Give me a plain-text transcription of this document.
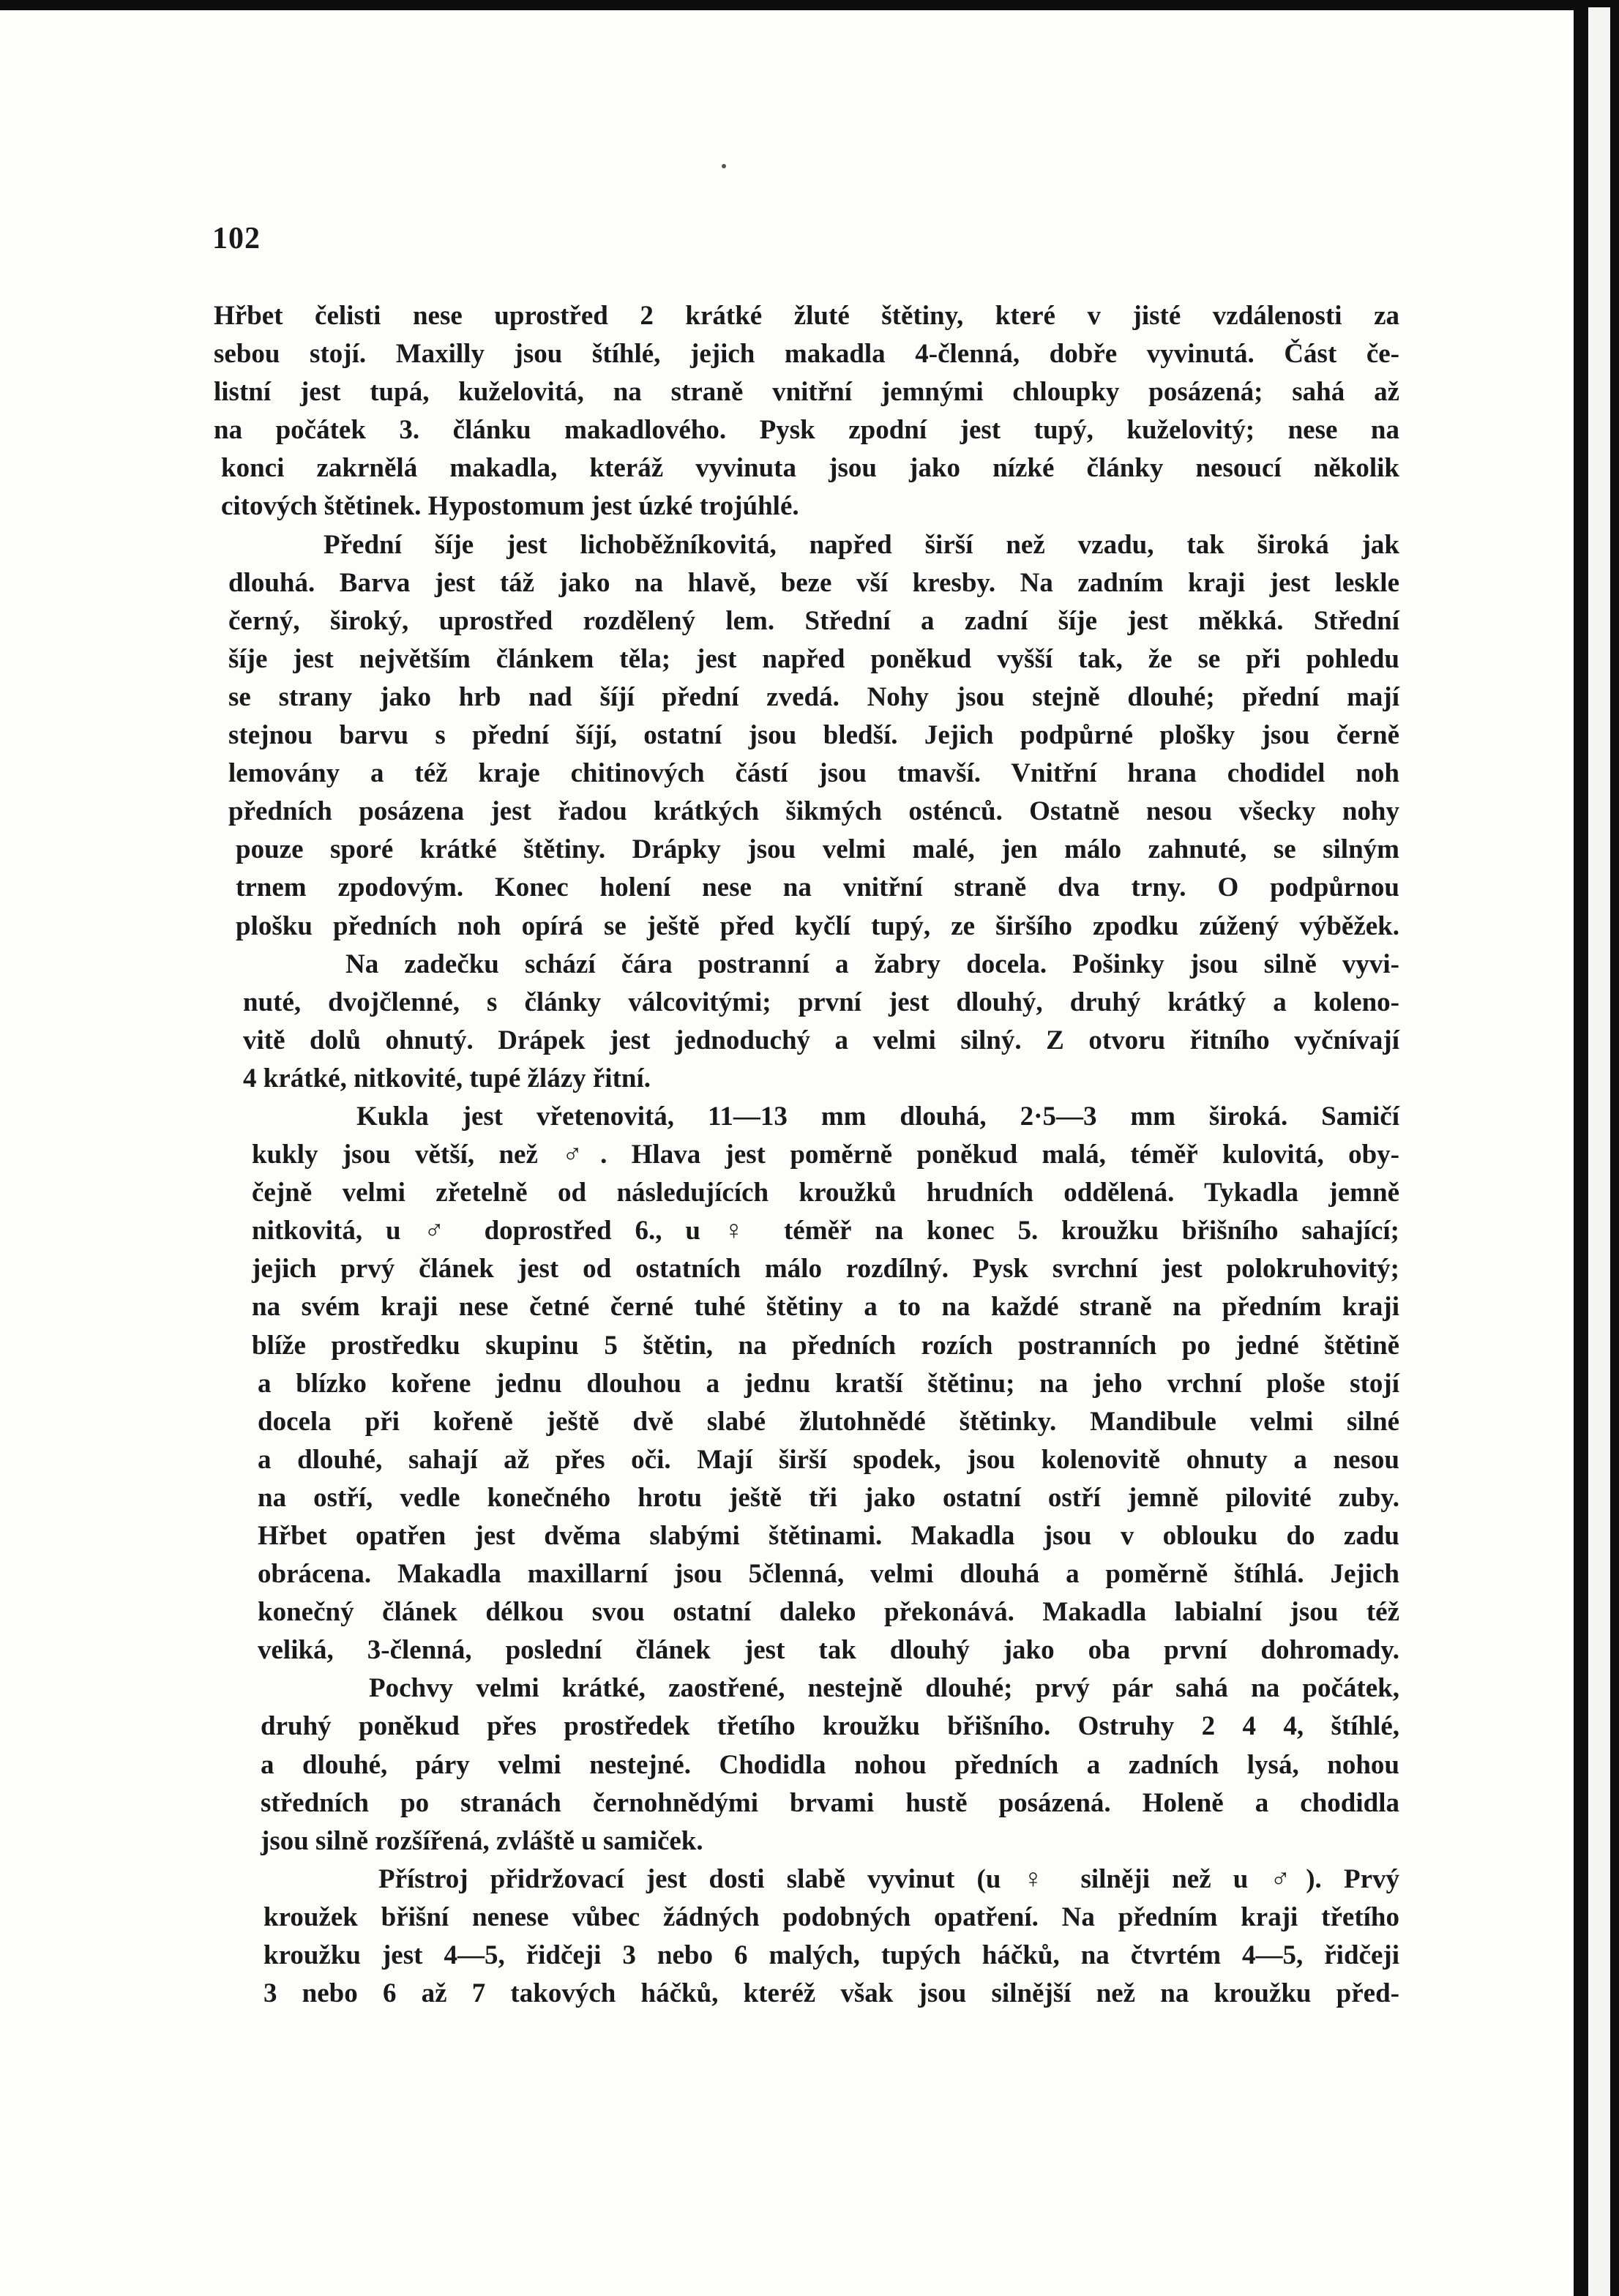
102
Hřbet čelisti nese uprostřed 2 krátké žluté štětiny, které v jisté vzdálenosti za
sebou stojí. Maxilly jsou štíhlé, jejich makadla 4-členná, dobře vyvinutá. Část če-
listní jest tupá, kuželovitá, na straně vnitřní jemnými chloupky posázená; sahá až
na počátek 3. článku makadlového. Pysk zpodní jest tupý, kuželovitý; nese na
konci zakrnělá makadla, kteráž vyvinuta jsou jako nízké články nesoucí několik
citových štětinek. Hypostomum jest úzké trojúhlé.
Přední šíje jest lichoběžníkovitá, napřed širší než vzadu, tak široká jak
dlouhá. Barva jest táž jako na hlavě, beze vší kresby. Na zadním kraji jest leskle
černý, široký, uprostřed rozdělený lem. Střední a zadní šíje jest měkká. Střední
šíje jest největším článkem těla; jest napřed poněkud vyšší tak, že se při pohledu
se strany jako hrb nad šíjí přední zvedá. Nohy jsou stejně dlouhé; přední mají
stejnou barvu s přední šíjí, ostatní jsou bledší. Jejich podpůrné plošky jsou černě
lemovány a též kraje chitinových částí jsou tmavší. Vnitřní hrana chodidel noh
předních posázena jest řadou krátkých šikmých osténců. Ostatně nesou všecky nohy
pouze sporé krátké štětiny. Drápky jsou velmi malé, jen málo zahnuté, se silným
trnem zpodovým. Konec holení nese na vnitřní straně dva trny. O podpůrnou
plošku předních noh opírá se ještě před kyčlí tupý, ze širšího zpodku zúžený výběžek.
Na zadečku schází čára postranní a žabry docela. Pošinky jsou silně vyvi-
nuté, dvojčlenné, s články válcovitými; první jest dlouhý, druhý krátký a koleno-
vitě dolů ohnutý. Drápek jest jednoduchý a velmi silný. Z otvoru řitního vyčnívají
4 krátké, nitkovité, tupé žlázy řitní.
Kukla jest vřetenovitá, 11—13 mm dlouhá, 2·5—3 mm široká. Samičí
kukly jsou větší, než ♂. Hlava jest poměrně poněkud malá, téměř kulovitá, oby-
čejně velmi zřetelně od následujících kroužků hrudních oddělená. Tykadla jemně
nitkovitá, u ♂ doprostřed 6., u ♀ téměř na konec 5. kroužku břišního sahající;
jejich prvý článek jest od ostatních málo rozdílný. Pysk svrchní jest polokruhovitý;
na svém kraji nese četné černé tuhé štětiny a to na každé straně na předním kraji
blíže prostředku skupinu 5 štětin, na předních rozích postranních po jedné štětině
a blízko kořene jednu dlouhou a jednu kratší štětinu; na jeho vrchní ploše stojí
docela při kořeně ještě dvě slabé žlutohnědé štětinky. Mandibule velmi silné
a dlouhé, sahají až přes oči. Mají širší spodek, jsou kolenovitě ohnuty a nesou
na ostří, vedle konečného hrotu ještě tři jako ostatní ostří jemně pilovité zuby.
Hřbet opatřen jest dvěma slabými štětinami. Makadla jsou v oblouku do zadu
obrácena. Makadla maxillarní jsou 5členná, velmi dlouhá a poměrně štíhlá. Jejich
konečný článek délkou svou ostatní daleko překonává. Makadla labialní jsou též
veliká, 3-členná, poslední článek jest tak dlouhý jako oba první dohromady.
Pochvy velmi krátké, zaostřené, nestejně dlouhé; prvý pár sahá na počátek,
druhý poněkud přes prostředek třetího kroužku břišního. Ostruhy 2 4 4, štíhlé,
a dlouhé, páry velmi nestejné. Chodidla nohou předních a zadních lysá, nohou
středních po stranách černohnědými brvami hustě posázená. Holeně a chodidla
jsou silně rozšířená, zvláště u samiček.
Přístroj přidržovací jest dosti slabě vyvinut (u ♀ silněji než u ♂). Prvý
kroužek břišní nenese vůbec žádných podobných opatření. Na předním kraji třetího
kroužku jest 4—5, řidčeji 3 nebo 6 malých, tupých háčků, na čtvrtém 4—5, řidčeji
3 nebo 6 až 7 takových háčků, kteréž však jsou silnější než na kroužku před-
